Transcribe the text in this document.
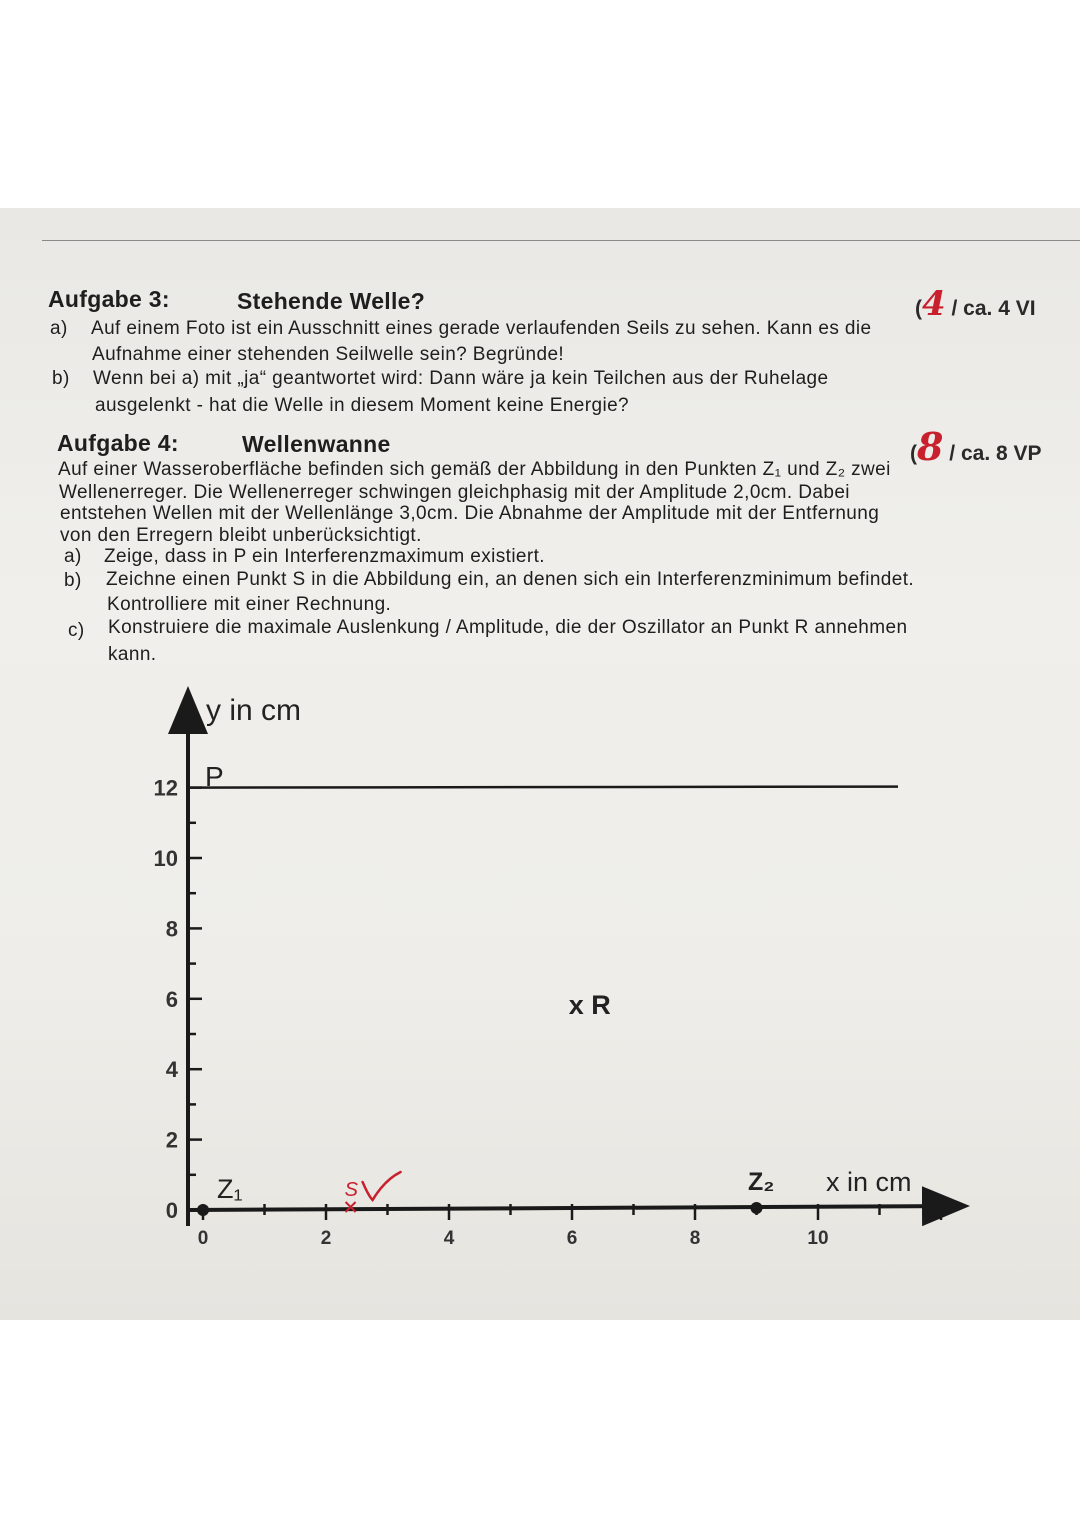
Aufgabe 3:	Stehende Welle?	(4 / ca. 4 VI
a) Auf einem Foto ist ein Ausschnitt eines gerade verlaufenden Seils zu sehen. Kann es die
Aufnahme einer stehenden Seilwelle sein? Begründe!
b) Wenn bei a) mit „ja“ geantwortet wird: Dann wäre ja kein Teilchen aus der Ruhelage
ausgelenkt - hat die Welle in diesem Moment keine Energie?
Aufgabe 4:	Wellenwanne	(8 / ca. 8 VP
Auf einer Wasseroberfläche befinden sich gemäß der Abbildung in den Punkten Z₁ und Z₂ zwei
Wellenerreger. Die Wellenerreger schwingen gleichphasig mit der Amplitude 2,0cm. Dabei
entstehen Wellen mit der Wellenlänge 3,0cm. Die Abnahme der Amplitude mit der Entfernung
von den Erregern bleibt unberücksichtigt.
a) Zeige, dass in P ein Interferenzmaximum existiert.
b) Zeichne einen Punkt S in die Abbildung ein, an denen sich ein Interferenzminimum befindet.
Kontrolliere mit einer Rechnung.
c) Konstruiere die maximale Auslenkung / Amplitude, die der Oszillator an Punkt R annehmen
kann.
12
10
8
6
4
2
0
0	2	4	6	8	10
y in cm
x in cm
P
x R
Z₁	Z₂
S
